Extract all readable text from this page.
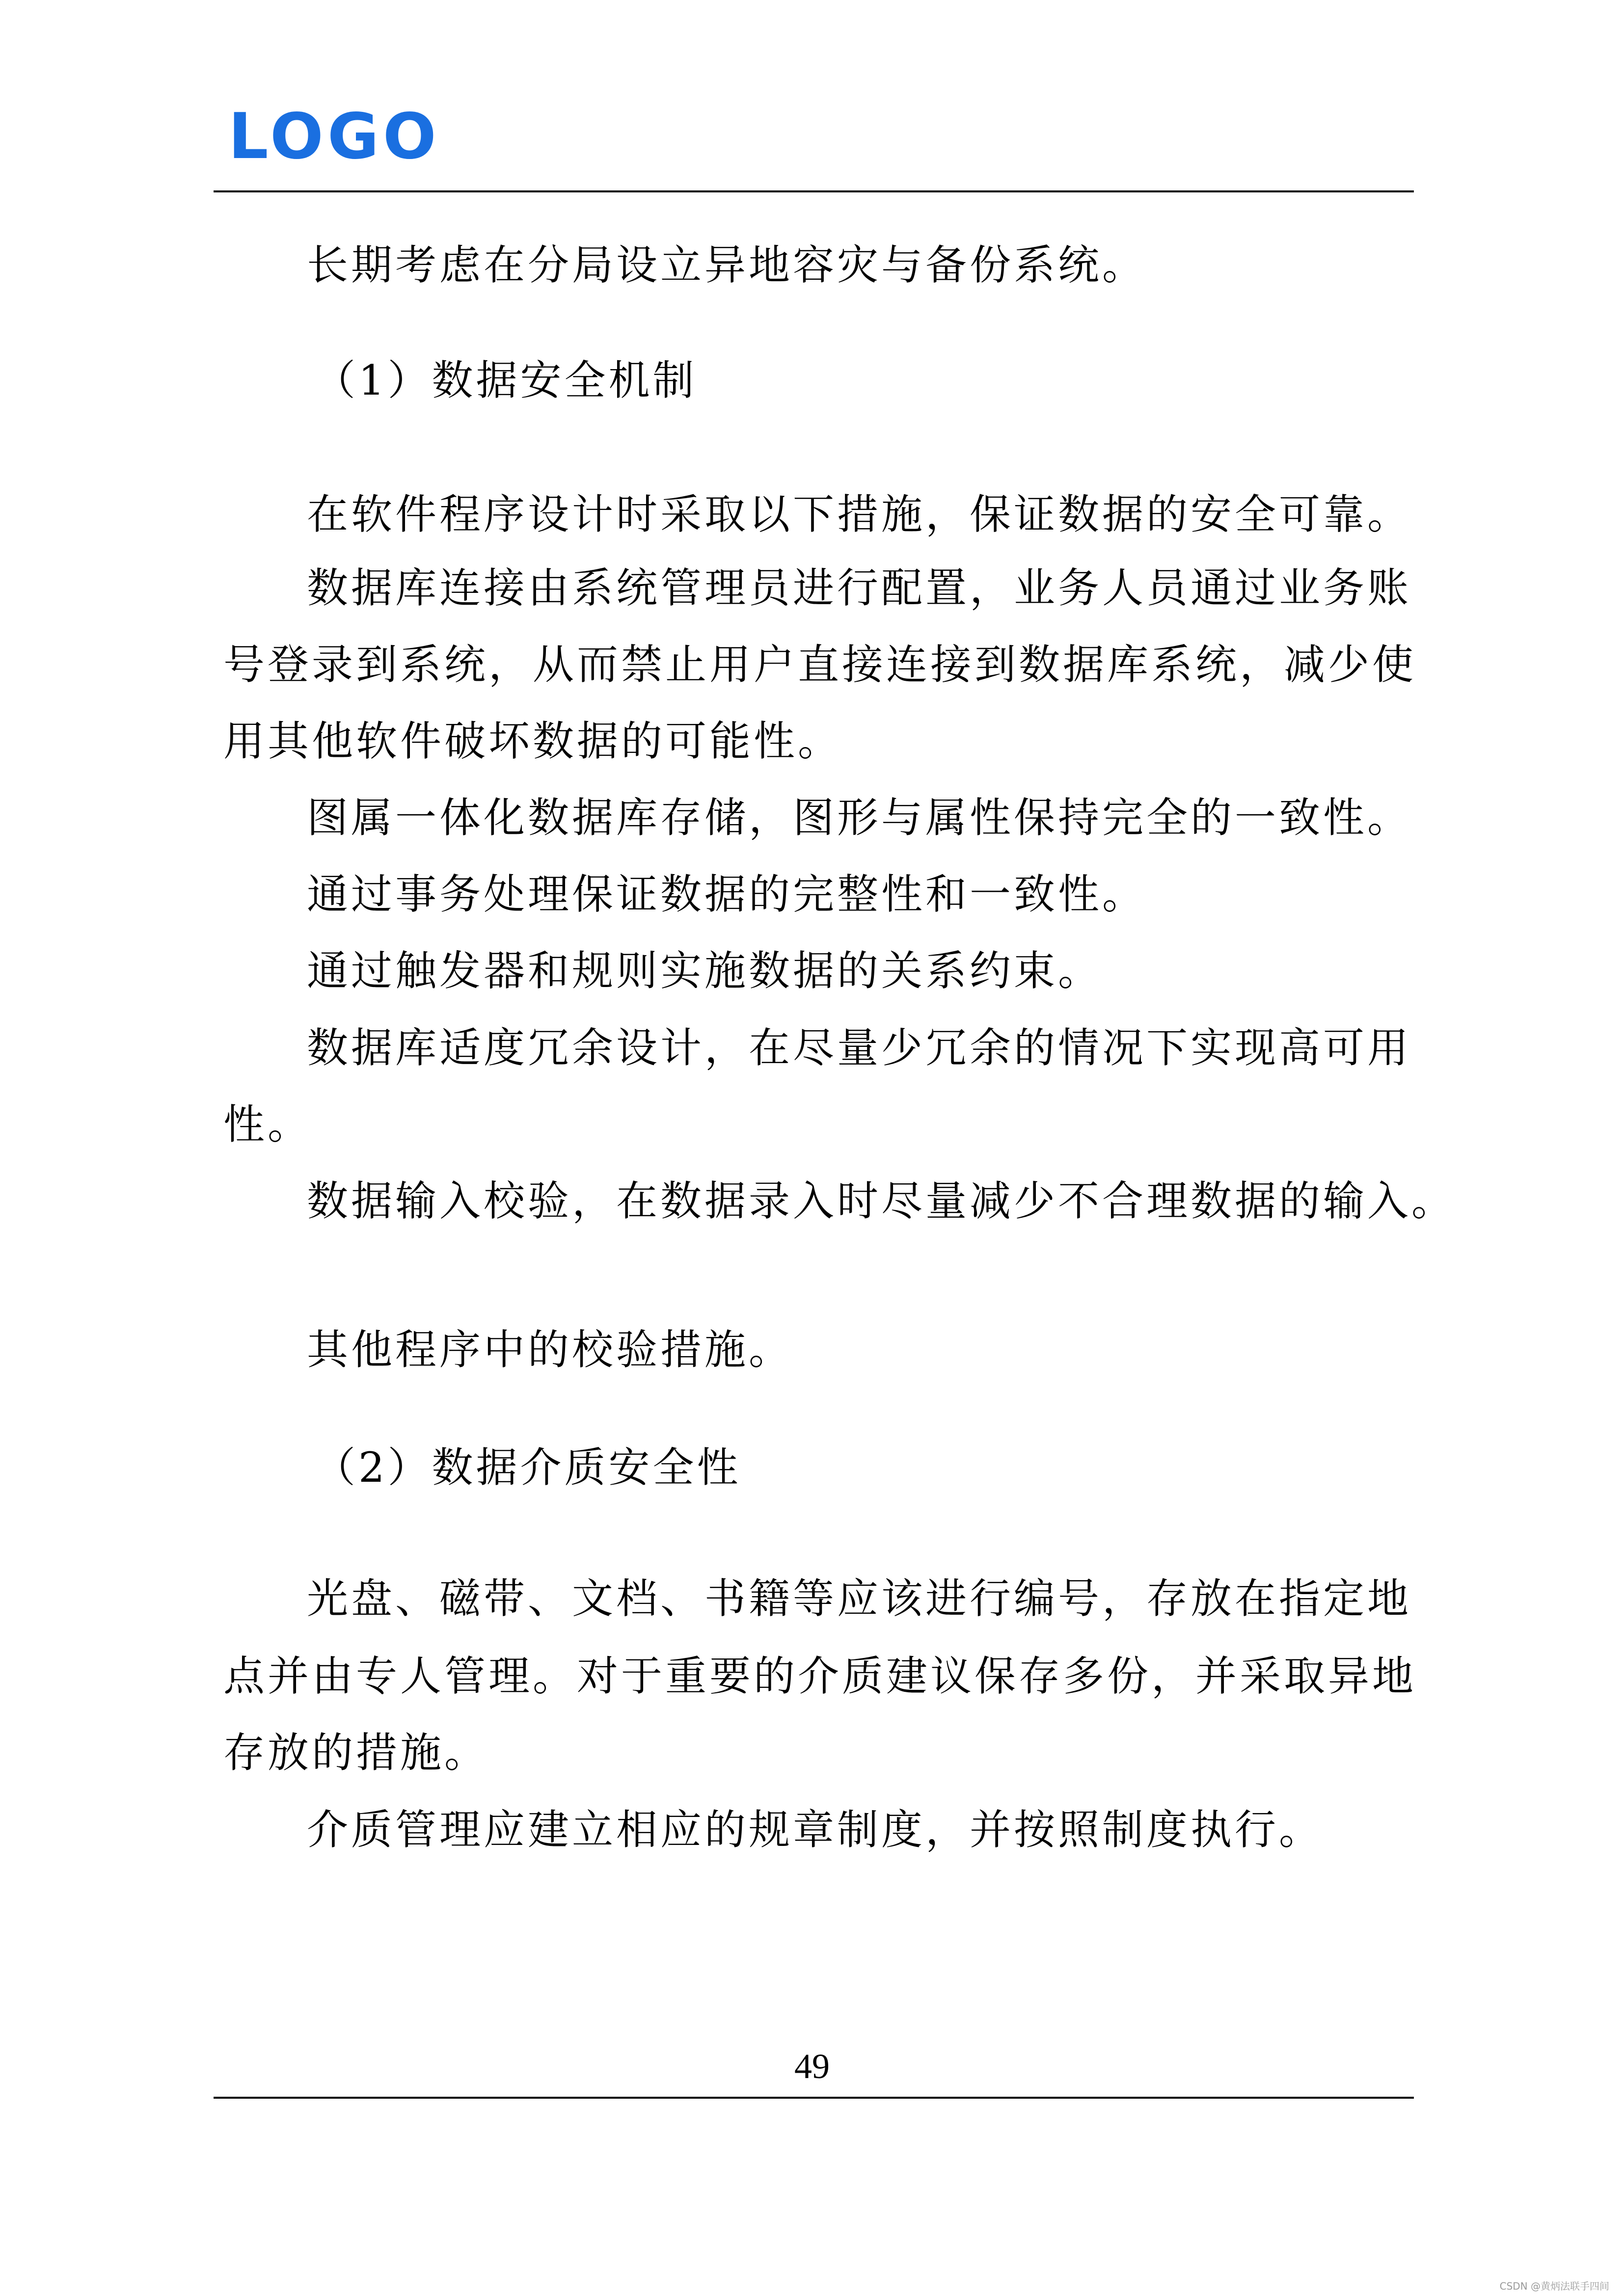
LOGO
长期考虑在分局设立异地容灾与备份系统。
（1）数据安全机制
在软件程序设计时采取以下措施，保证数据的安全可靠。
数据库连接由系统管理员进行配置，业务人员通过业务账
号登录到系统，从而禁止用户直接连接到数据库系统，减少使
用其他软件破坏数据的可能性。
图属一体化数据库存储，图形与属性保持完全的一致性。
通过事务处理保证数据的完整性和一致性。
通过触发器和规则实施数据的关系约束。
数据库适度冗余设计，在尽量少冗余的情况下实现高可用
性。
数据输入校验，在数据录入时尽量减少不合理数据的输入。
其他程序中的校验措施。
（2）数据介质安全性
光盘、磁带、文档、书籍等应该进行编号，存放在指定地
点并由专人管理。对于重要的介质建议保存多份，并采取异地
存放的措施。
介质管理应建立相应的规章制度，并按照制度执行。
49
CSDN @黄炳法联手四间
